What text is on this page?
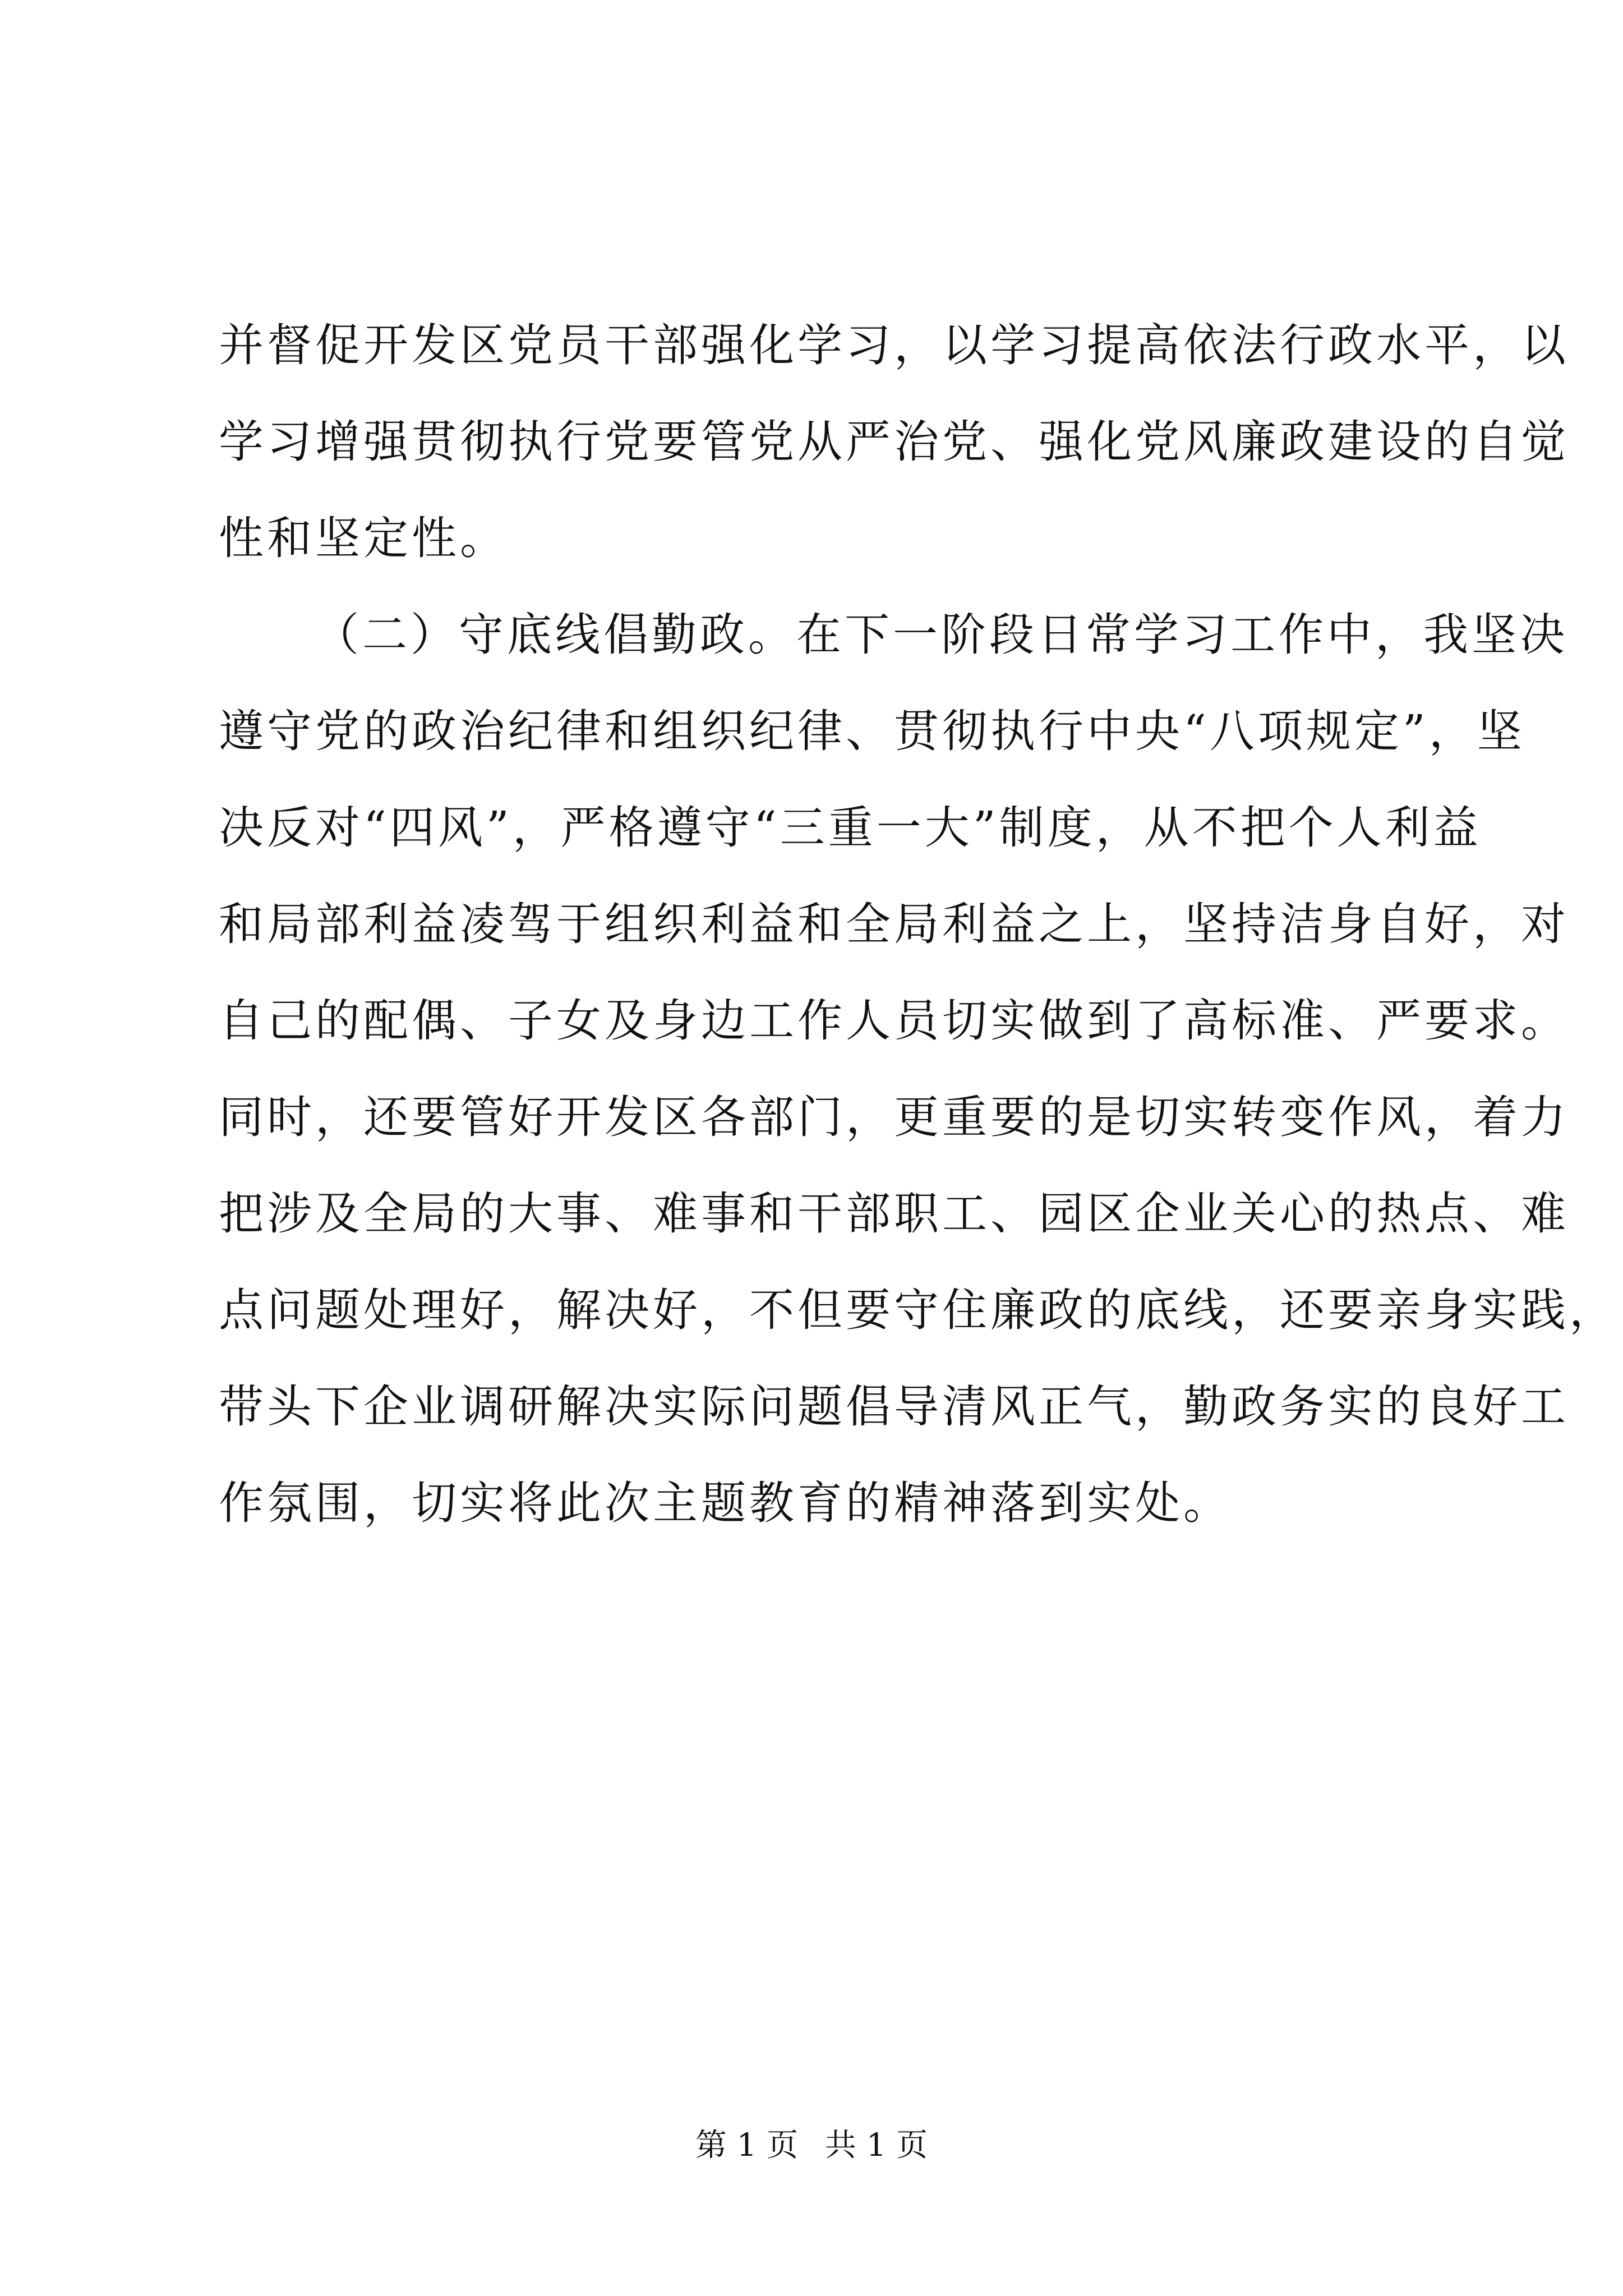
并督促开发区党员干部强化学习，以学习提高依法行政水平，以
学习增强贯彻执行党要管党从严治党、强化党风廉政建设的自觉
性和坚定性。
（二）守底线倡勤政。在下一阶段日常学习工作中，我坚决
遵守党的政治纪律和组织纪律、贯彻执行中央“八项规定”，坚
决反对“四风”，严格遵守“三重一大”制度，从不把个人利益
和局部利益凌驾于组织利益和全局利益之上，坚持洁身自好，对
自己的配偶、子女及身边工作人员切实做到了高标准、严要求。
同时，还要管好开发区各部门，更重要的是切实转变作风，着力
把涉及全局的大事、难事和干部职工、园区企业关心的热点、难
点问题处理好，解决好，不但要守住廉政的底线，还要亲身实践，
带头下企业调研解决实际问题倡导清风正气，勤政务实的良好工
作氛围，切实将此次主题教育的精神落到实处。
第 1 页 共 1 页
